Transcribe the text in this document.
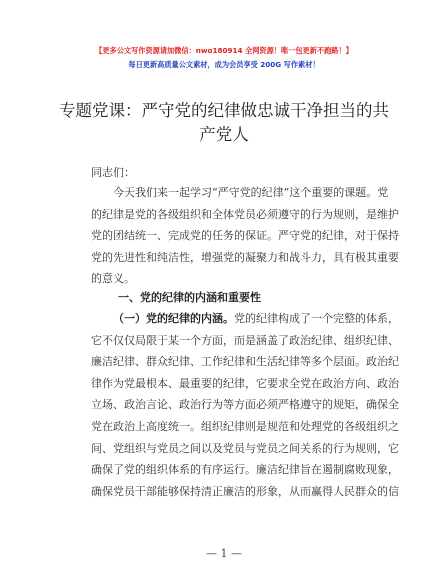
【更多公文写作资源请加微信：nwo180914 全网资源！唯一包更新不跑路！】
每日更新高质量公文素材，成为会员享受 200G 写作素材！
专题党课：严守党的纪律做忠诚干净担当的共
产党人
同志们：
今天我们来一起学习“严守党的纪律”这个重要的课题。党
的纪律是党的各级组织和全体党员必须遵守的行为规则，是维护
党的团结统一、完成党的任务的保证。严守党的纪律，对于保持
党的先进性和纯洁性，增强党的凝聚力和战斗力，具有极其重要
的意义。
一、党的纪律的内涵和重要性
（一）党的纪律的内涵。党的纪律构成了一个完整的体系，
它不仅仅局限于某一个方面，而是涵盖了政治纪律、组织纪律、
廉洁纪律、群众纪律、工作纪律和生活纪律等多个层面。政治纪
律作为党最根本、最重要的纪律，它要求全党在政治方向、政治
立场、政治言论、政治行为等方面必须严格遵守的规矩，确保全
党在政治上高度统一。组织纪律则是规范和处理党的各级组织之
间、党组织与党员之间以及党员与党员之间关系的行为规则，它
确保了党的组织体系的有序运行。廉洁纪律旨在遏制腐败现象，
确保党员干部能够保持清正廉洁的形象，从而赢得人民群众的信
— 1 —
